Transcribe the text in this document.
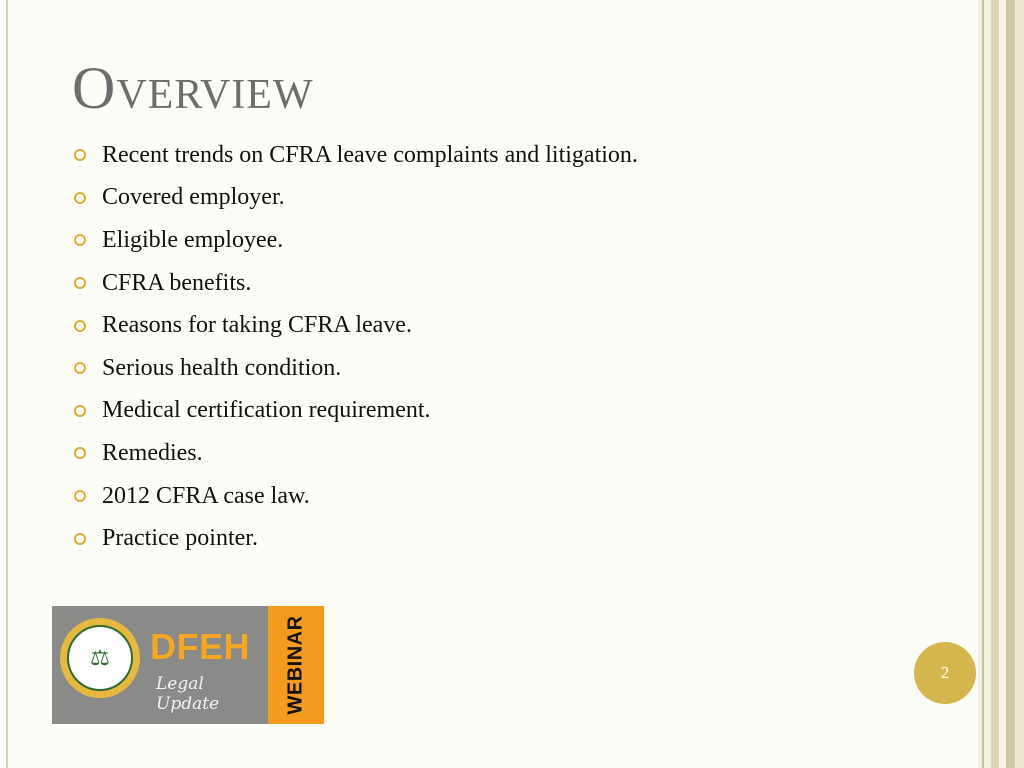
Overview
Recent trends on CFRA leave complaints and litigation.
Covered employer.
Eligible employee.
CFRA benefits.
Reasons for taking CFRA leave.
Serious health condition.
Medical certification requirement.
Remedies.
2012 CFRA case law.
Practice pointer.
⚖	DFEH
Legal Update	WEBINAR	2
